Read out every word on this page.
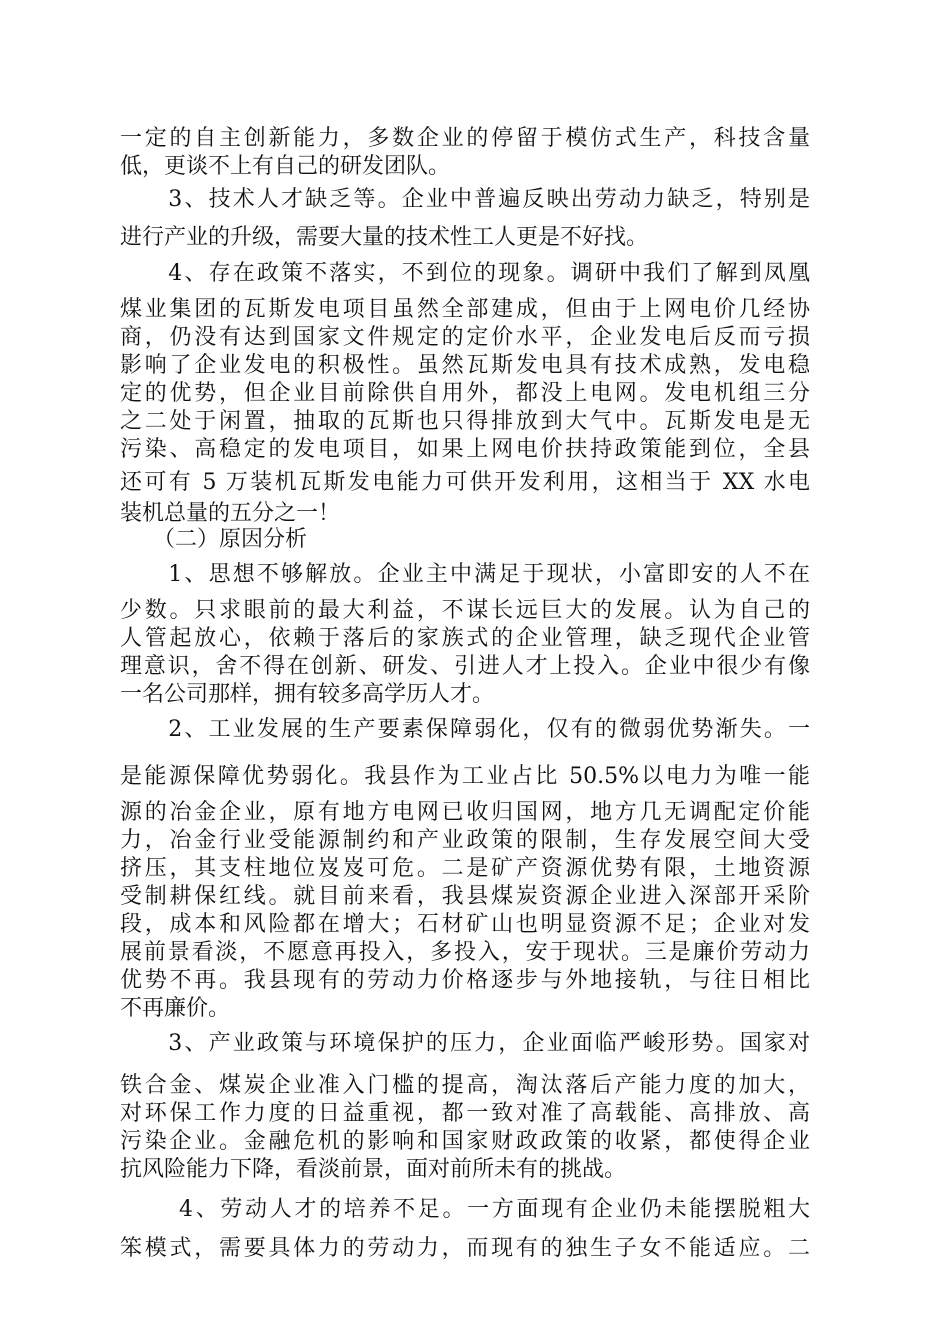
一定的自主创新能力，多数企业的停留于模仿式生产，科技含量
低，更谈不上有自己的研发团队。
　　3、技术人才缺乏等。企业中普遍反映出劳动力缺乏，特别是
进行产业的升级，需要大量的技术性工人更是不好找。
　　4、存在政策不落实，不到位的现象。调研中我们了解到凤凰
煤业集团的瓦斯发电项目虽然全部建成，但由于上网电价几经协
商，仍没有达到国家文件规定的定价水平，企业发电后反而亏损
影响了企业发电的积极性。虽然瓦斯发电具有技术成熟，发电稳
定的优势，但企业目前除供自用外，都没上电网。发电机组三分
之二处于闲置，抽取的瓦斯也只得排放到大气中。瓦斯发电是无
污染、高稳定的发电项目，如果上网电价扶持政策能到位，全县
还可有 5 万装机瓦斯发电能力可供开发利用，这相当于 XX 水电
装机总量的五分之一！
　　（二）原因分析
　　1、思想不够解放。企业主中满足于现状，小富即安的人不在
少数。只求眼前的最大利益，不谋长远巨大的发展。认为自己的
人管起放心，依赖于落后的家族式的企业管理，缺乏现代企业管
理意识，舍不得在创新、研发、引进人才上投入。企业中很少有像
一名公司那样，拥有较多高学历人才。
　　2、工业发展的生产要素保障弱化，仅有的微弱优势渐失。一
是能源保障优势弱化。我县作为工业占比 50.5%以电力为唯一能
源的冶金企业，原有地方电网已收归国网，地方几无调配定价能
力，冶金行业受能源制约和产业政策的限制，生存发展空间大受
挤压，其支柱地位岌岌可危。二是矿产资源优势有限，土地资源
受制耕保红线。就目前来看，我县煤炭资源企业进入深部开采阶
段，成本和风险都在增大；石材矿山也明显资源不足；企业对发
展前景看淡，不愿意再投入，多投入，安于现状。三是廉价劳动力
优势不再。我县现有的劳动力价格逐步与外地接轨，与往日相比
不再廉价。
　　3、产业政策与环境保护的压力，企业面临严峻形势。国家对
铁合金、煤炭企业准入门槛的提高，淘汰落后产能力度的加大，
对环保工作力度的日益重视，都一致对准了高载能、高排放、高
污染企业。金融危机的影响和国家财政政策的收紧，都使得企业
抗风险能力下降，看淡前景，面对前所未有的挑战。
　　 4、劳动人才的培养不足。一方面现有企业仍未能摆脱粗大
笨模式，需要具体力的劳动力，而现有的独生子女不能适应。二
